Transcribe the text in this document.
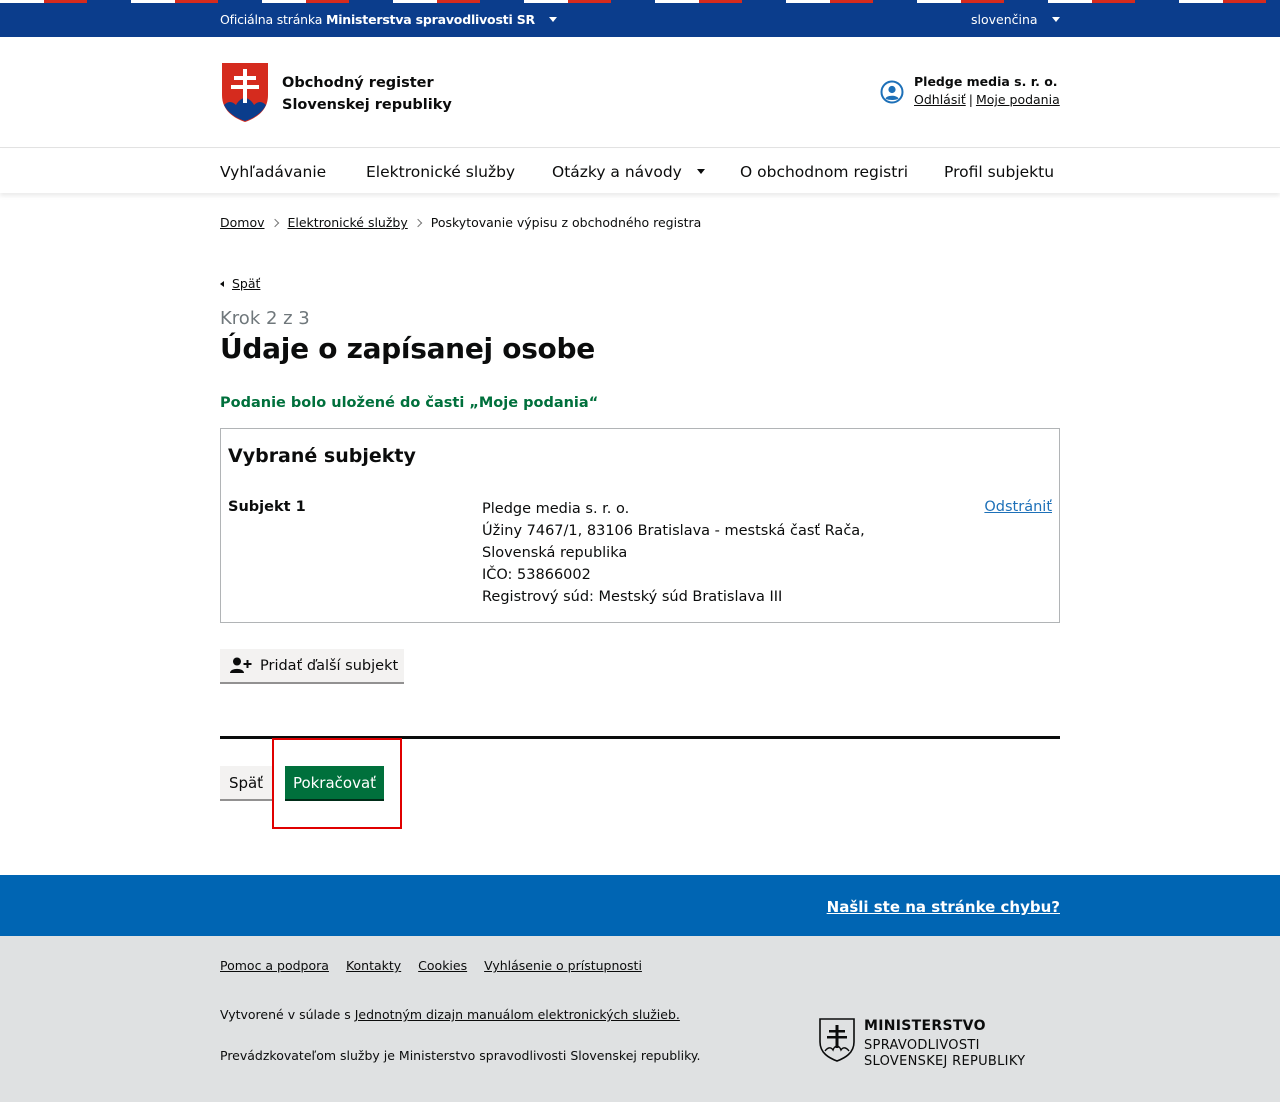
Oficiálna stránka Ministerstva spravodlivosti SR	slovenčina
Obchodný register
Slovenskej republiky
Pledge media s. r. o.
Odhlásiť | Moje podania
Vyhľadávanie	Elektronické služby Otázky a návody	O obchodnom registri Profil subjektu
Domov Elektronické služby Poskytovanie výpisu z obchodného registra
Späť
Krok 2 z 3
Údaje o zapísanej osobe
Podanie bolo uložené do časti „Moje podania“
Vybrané subjekty
Subjekt 1	Pledge media s. r. o.
Úžiny 7467/1, 83106 Bratislava - mestská časť Rača,
Slovenská republika
IČO: 53866002
Registrový súd: Mestský súd Bratislava III
Odstrániť
Pridať ďalší subjekt
Späť	Pokračovať
Našli ste na stránke chybu?
Pomoc a podpora Kontakty Cookies Vyhlásenie o prístupnosti
Vytvorené v súlade s Jednotným dizajn manuálom elektronických služieb.
Prevádzkovateľom služby je Ministerstvo spravodlivosti Slovenskej republiky.
MINISTERSTVO
SPRAVODLIVOSTI
SLOVENSKEJ REPUBLIKY
